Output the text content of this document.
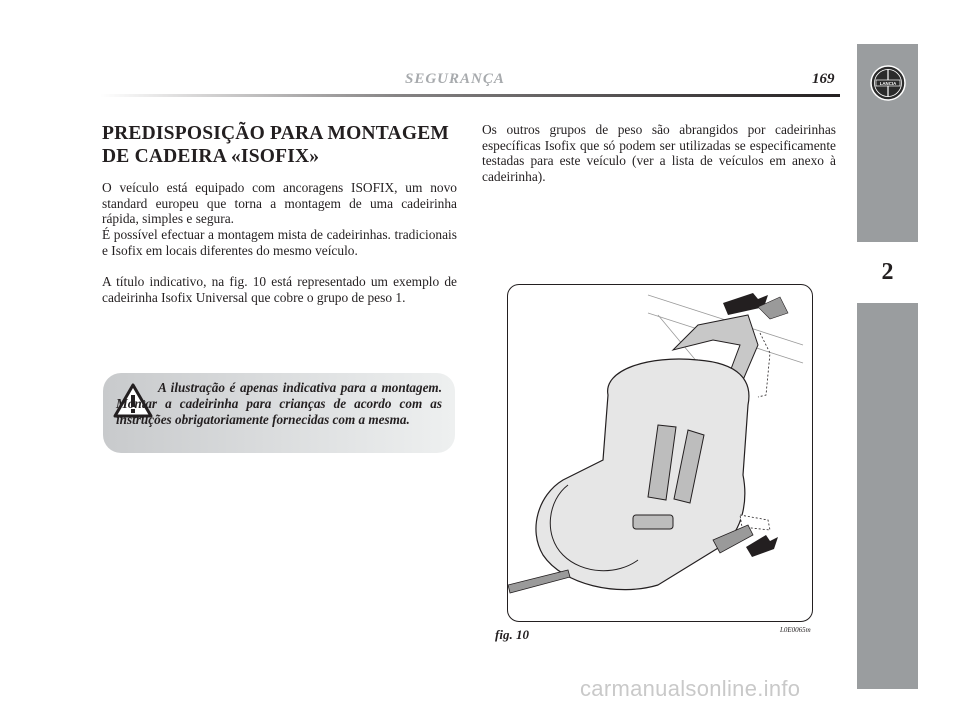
SEGURANÇA	169	LANCIA
2
PREDISPOSIÇÃO PARA MONTAGEM
DE CADEIRA «ISOFIX»

O veículo está equipado com ancoragens ISOFIX, um novo standard europeu que torna a montagem de uma cadeirinha rápida, simples e segura.

É possível efectuar a montagem mista de cadeirinhas. tradicionais e Isofix em locais diferentes do mesmo veículo.

A título indicativo, na fig. 10 está representado um exemplo de cadeirinha Isofix Universal que cobre o grupo de peso 1.

A ilustração é apenas indicativa para a montagem. Montar a cadeirinha para crianças de acordo com as instruções obrigatoriamente fornecidas com a mesma.

Os outros grupos de peso são abrangidos por cadeirinhas específicas Isofix que só podem ser utilizadas se especificamente testadas para este veículo (ver a lista de veículos em anexo à cadeirinha).

fig. 10	L0E0065m
carmanualsonline.info
